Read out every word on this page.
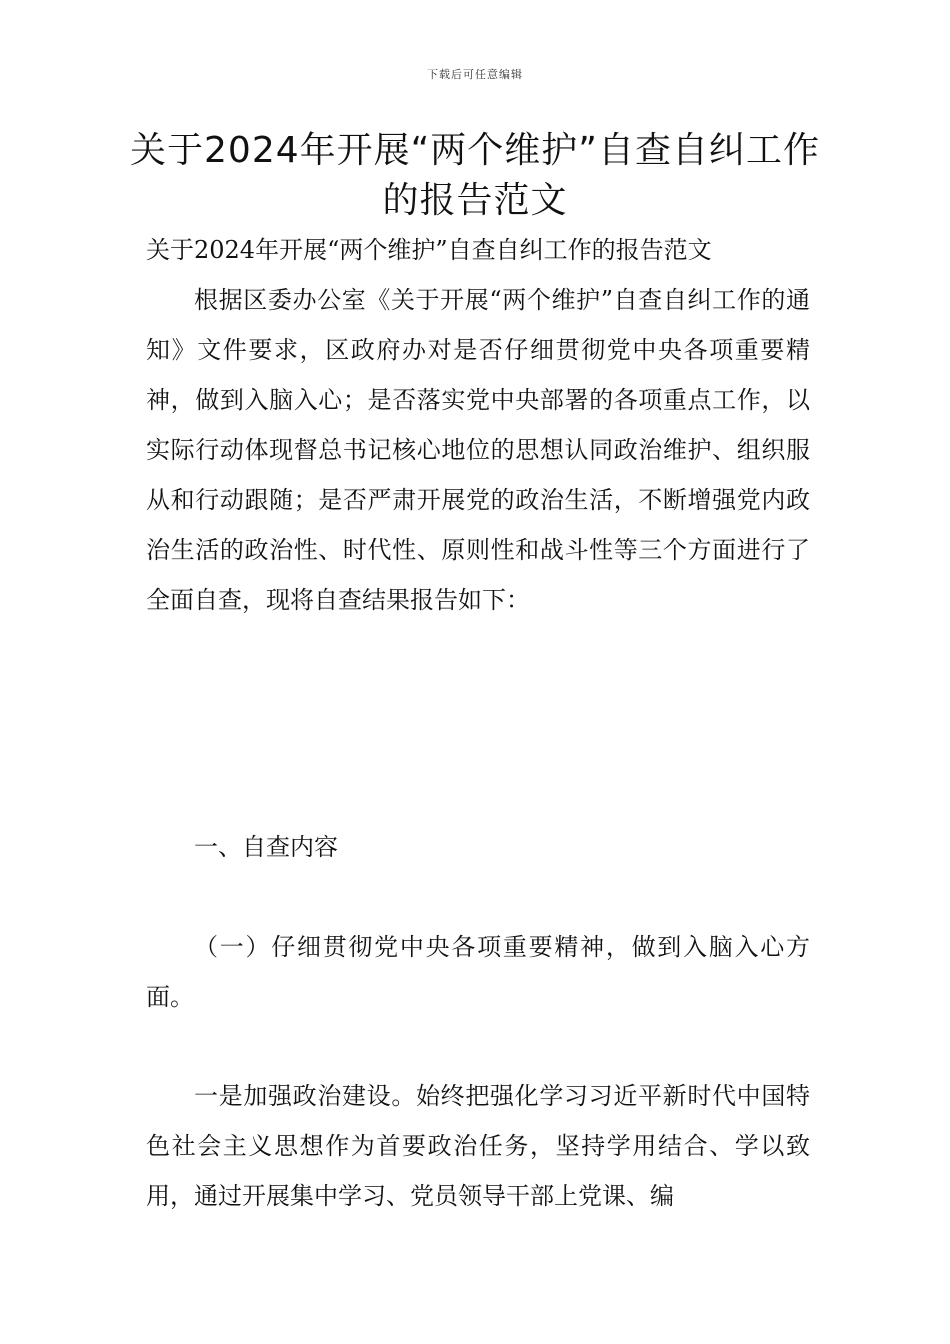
下载后可任意编辑
关于2024年开展“两个维护”自查自纠工作的报告范文

关于2024年开展“两个维护”自查自纠工作的报告范文

根据区委办公室《关于开展“两个维护”自查自纠工作的通知》文件要求，区政府办对是否仔细贯彻党中央各项重要精神，做到入脑入心；是否落实党中央部署的各项重点工作，以实际行动体现督总书记核心地位的思想认同政治维护、组织服从和行动跟随；是否严肃开展党的政治生活，不断增强党内政治生活的政治性、时代性、原则性和战斗性等三个方面进行了全面自查，现将自查结果报告如下：

一、自查内容

（一）仔细贯彻党中央各项重要精神，做到入脑入心方面。

一是加强政治建设。始终把强化学习习近平新时代中国特色社会主义思想作为首要政治任务，坚持学用结合、学以致用，通过开展集中学习、党员领导干部上党课、编
